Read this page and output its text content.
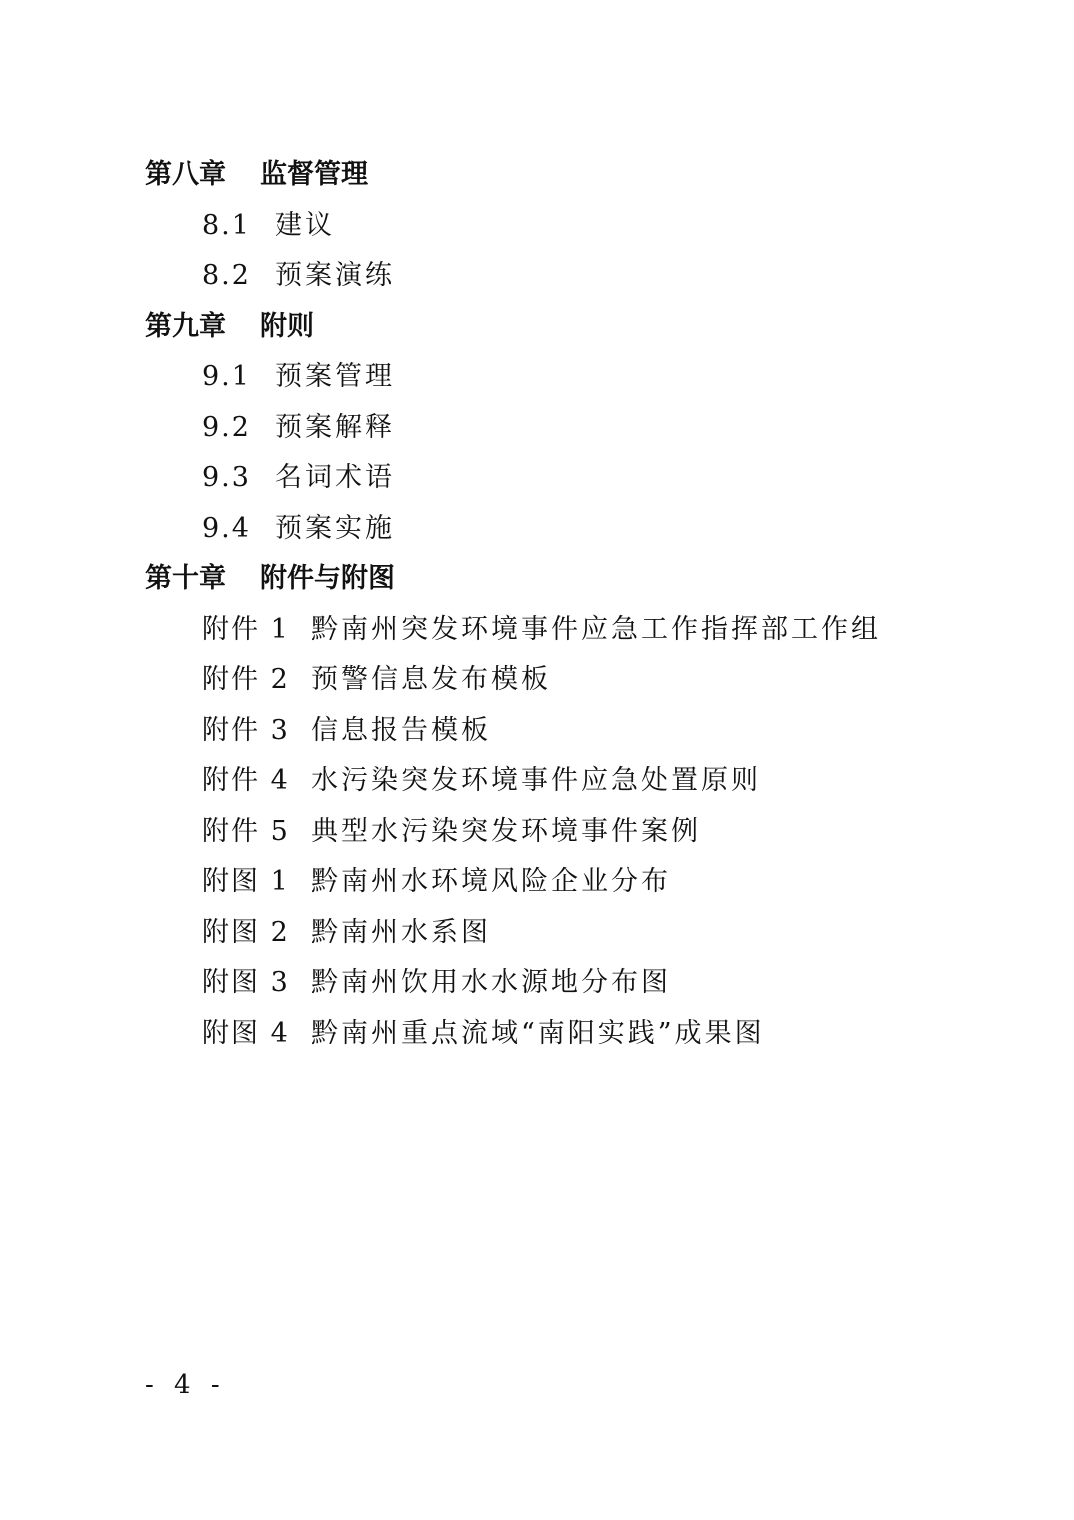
第八章 监督管理
8.1 建议
8.2 预案演练
第九章 附则
9.1 预案管理
9.2 预案解释
9.3 名词术语
9.4 预案实施
第十章 附件与附图
附件 1 黔南州突发环境事件应急工作指挥部工作组
附件 2 预警信息发布模板
附件 3 信息报告模板
附件 4 水污染突发环境事件应急处置原则
附件 5 典型水污染突发环境事件案例
附图 1 黔南州水环境风险企业分布
附图 2 黔南州水系图
附图 3 黔南州饮用水水源地分布图
附图 4 黔南州重点流域“南阳实践”成果图
- 4 -
